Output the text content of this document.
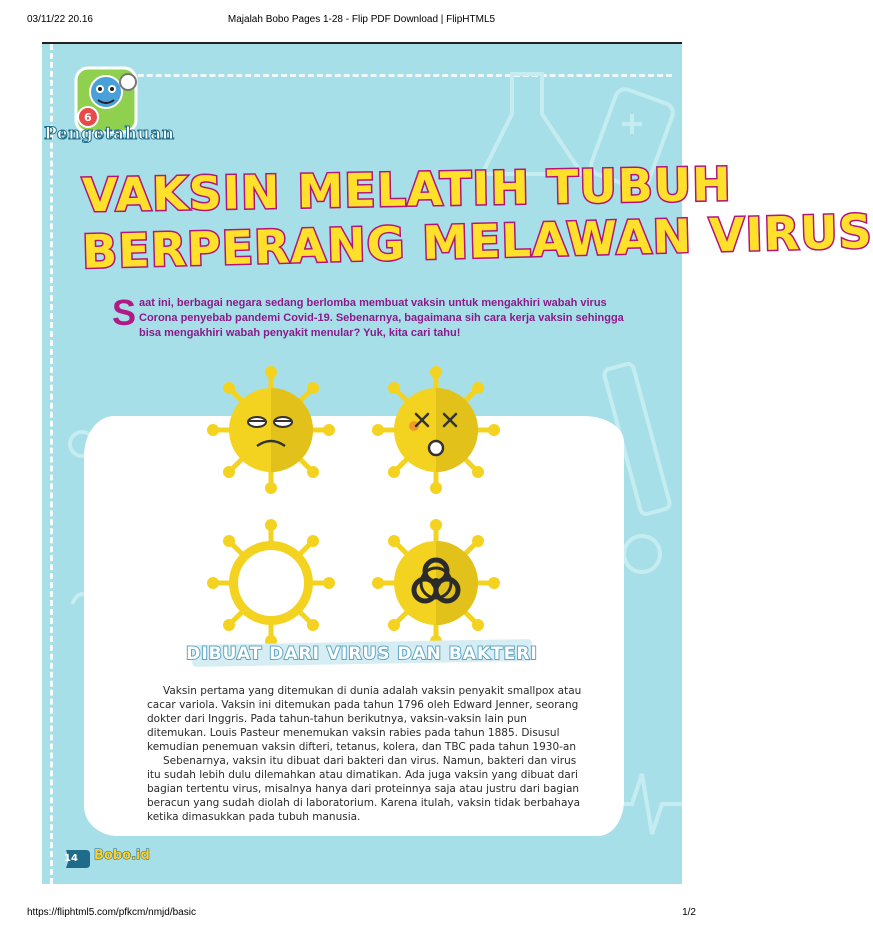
03/11/22 20.16	Majalah Bobo Pages 1-28 - Flip PDF Download | FlipHTML5
6
Pengetahuan
VAKSIN MELATIH TUBUH
BERPERANG MELAWAN VIRUS
Saat ini, berbagai negara sedang berlomba membuat vaksin untuk mengakhiri wabah virus Corona penyebab pandemi Covid-19. Sebenarnya, bagaimana sih cara kerja vaksin sehingga bisa mengakhiri wabah penyakit menular? Yuk, kita cari tahu!
DIBUAT DARI VIRUS DAN BAKTERI

Vaksin pertama yang ditemukan di dunia adalah vaksin penyakit smallpox atau cacar variola. Vaksin ini ditemukan pada tahun 1796 oleh Edward Jenner, seorang dokter dari Inggris. Pada tahun-tahun berikutnya, vaksin-vaksin lain pun ditemukan. Louis Pasteur menemukan vaksin rabies pada tahun 1885. Disusul kemudian penemuan vaksin difteri, tetanus, kolera, dan TBC pada tahun 1930-an

Sebenarnya, vaksin itu dibuat dari bakteri dan virus. Namun, bakteri dan virus itu sudah lebih dulu dilemahkan atau dimatikan. Ada juga vaksin yang dibuat dari bagian tertentu virus, misalnya hanya dari proteinnya saja atau justru dari bagian beracun yang sudah diolah di laboratorium. Karena itulah, vaksin tidak berbahaya ketika dimasukkan pada tubuh manusia.

14 Bobo.id
https://fliphtml5.com/pfkcm/nmjd/basic	1/2
